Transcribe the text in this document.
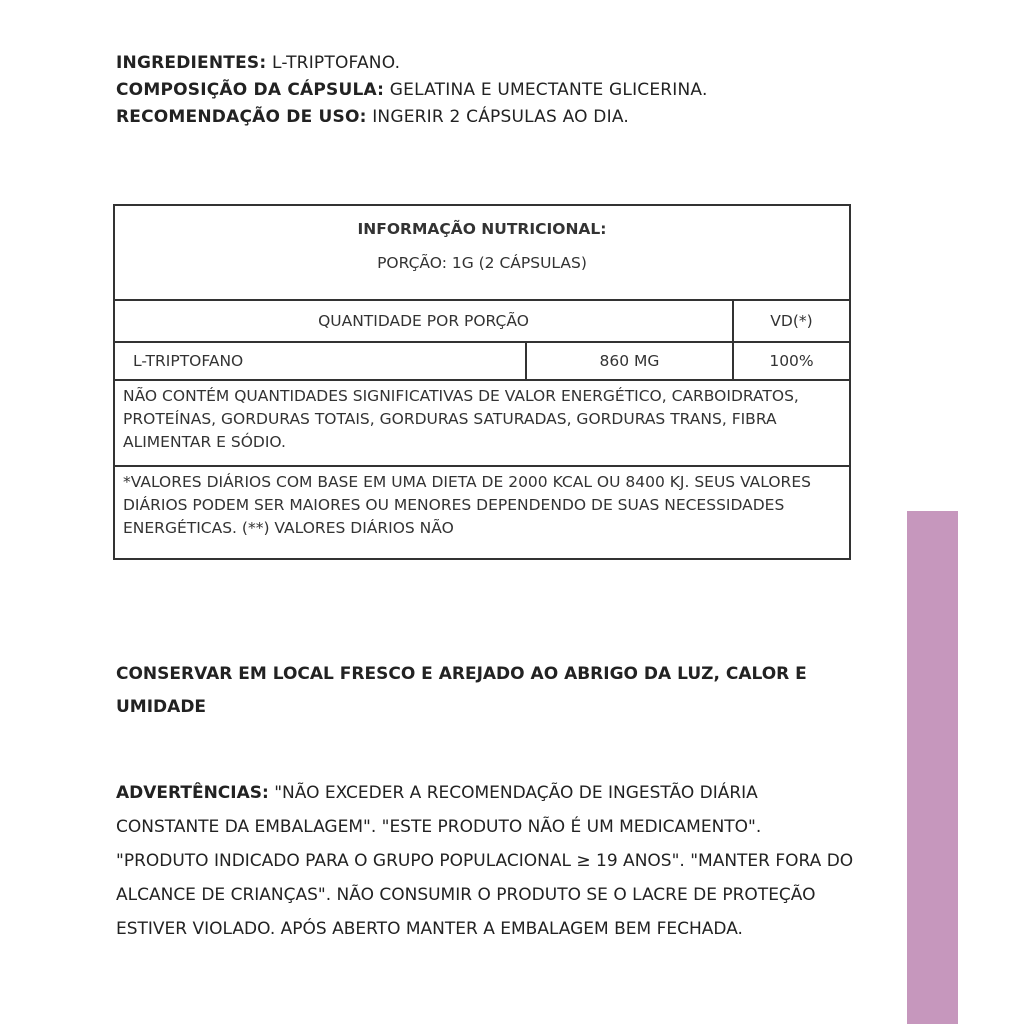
INGREDIENTES: L-TRIPTOFANO.
COMPOSIÇÃO DA CÁPSULA: GELATINA E UMECTANTE GLICERINA.
RECOMENDAÇÃO DE USO: INGERIR 2 CÁPSULAS AO DIA.
INFORMAÇÃO NUTRICIONAL:
PORÇÃO: 1G (2 CÁPSULAS)
QUANTIDADE POR PORÇÃO	VD(*)
L-TRIPTOFANO	860 MG	100%
NÃO CONTÉM QUANTIDADES SIGNIFICATIVAS DE VALOR ENERGÉTICO, CARBOIDRATOS, PROTEÍNAS, GORDURAS TOTAIS, GORDURAS SATURADAS, GORDURAS TRANS, FIBRA ALIMENTAR E SÓDIO.
*VALORES DIÁRIOS COM BASE EM UMA DIETA DE 2000 KCAL OU 8400 KJ. SEUS VALORES DIÁRIOS PODEM SER MAIORES OU MENORES DEPENDENDO DE SUAS NECESSIDADES ENERGÉTICAS. (**) VALORES DIÁRIOS NÃO
CONSERVAR EM LOCAL FRESCO E AREJADO AO ABRIGO DA LUZ, CALOR E UMIDADE
ADVERTÊNCIAS: "NÃO EXCEDER A RECOMENDAÇÃO DE INGESTÃO DIÁRIA CONSTANTE DA EMBALAGEM". "ESTE PRODUTO NÃO É UM MEDICAMENTO". "PRODUTO INDICADO PARA O GRUPO POPULACIONAL ≥ 19 ANOS". "MANTER FORA DO ALCANCE DE CRIANÇAS". NÃO CONSUMIR O PRODUTO SE O LACRE DE PROTEÇÃO ESTIVER VIOLADO. APÓS ABERTO MANTER A EMBALAGEM BEM FECHADA.
